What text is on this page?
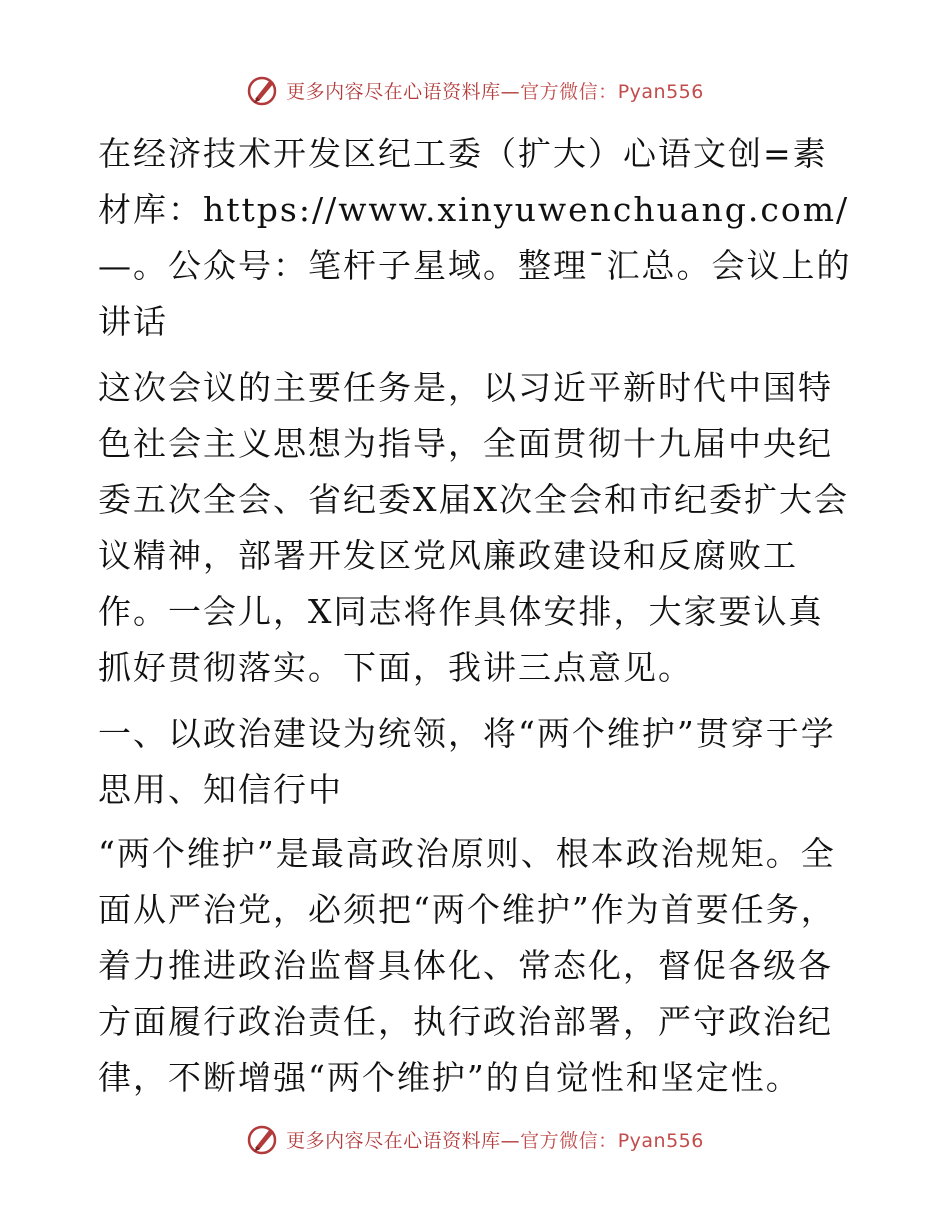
更多内容尽在心语资料库—官方微信：Pyan556

在经济技术开发区纪工委（扩大）心语文创=素材库：https://www.xinyuwenchuang.com/—。公众号：笔杆子星域。整理¯汇总。会议上的讲话

这次会议的主要任务是，以习近平新时代中国特色社会主义思想为指导，全面贯彻十九届中央纪委五次全会、省纪委X届X次全会和市纪委扩大会议精神，部署开发区党风廉政建设和反腐败工作。一会儿，X同志将作具体安排，大家要认真抓好贯彻落实。下面，我讲三点意见。

一、以政治建设为统领，将“两个维护”贯穿于学思用、知信行中

“两个维护”是最高政治原则、根本政治规矩。全面从严治党，必须把“两个维护”作为首要任务，着力推进政治监督具体化、常态化，督促各级各方面履行政治责任，执行政治部署，严守政治纪律，不断增强“两个维护”的自觉性和坚定性。

更多内容尽在心语资料库—官方微信：Pyan556
